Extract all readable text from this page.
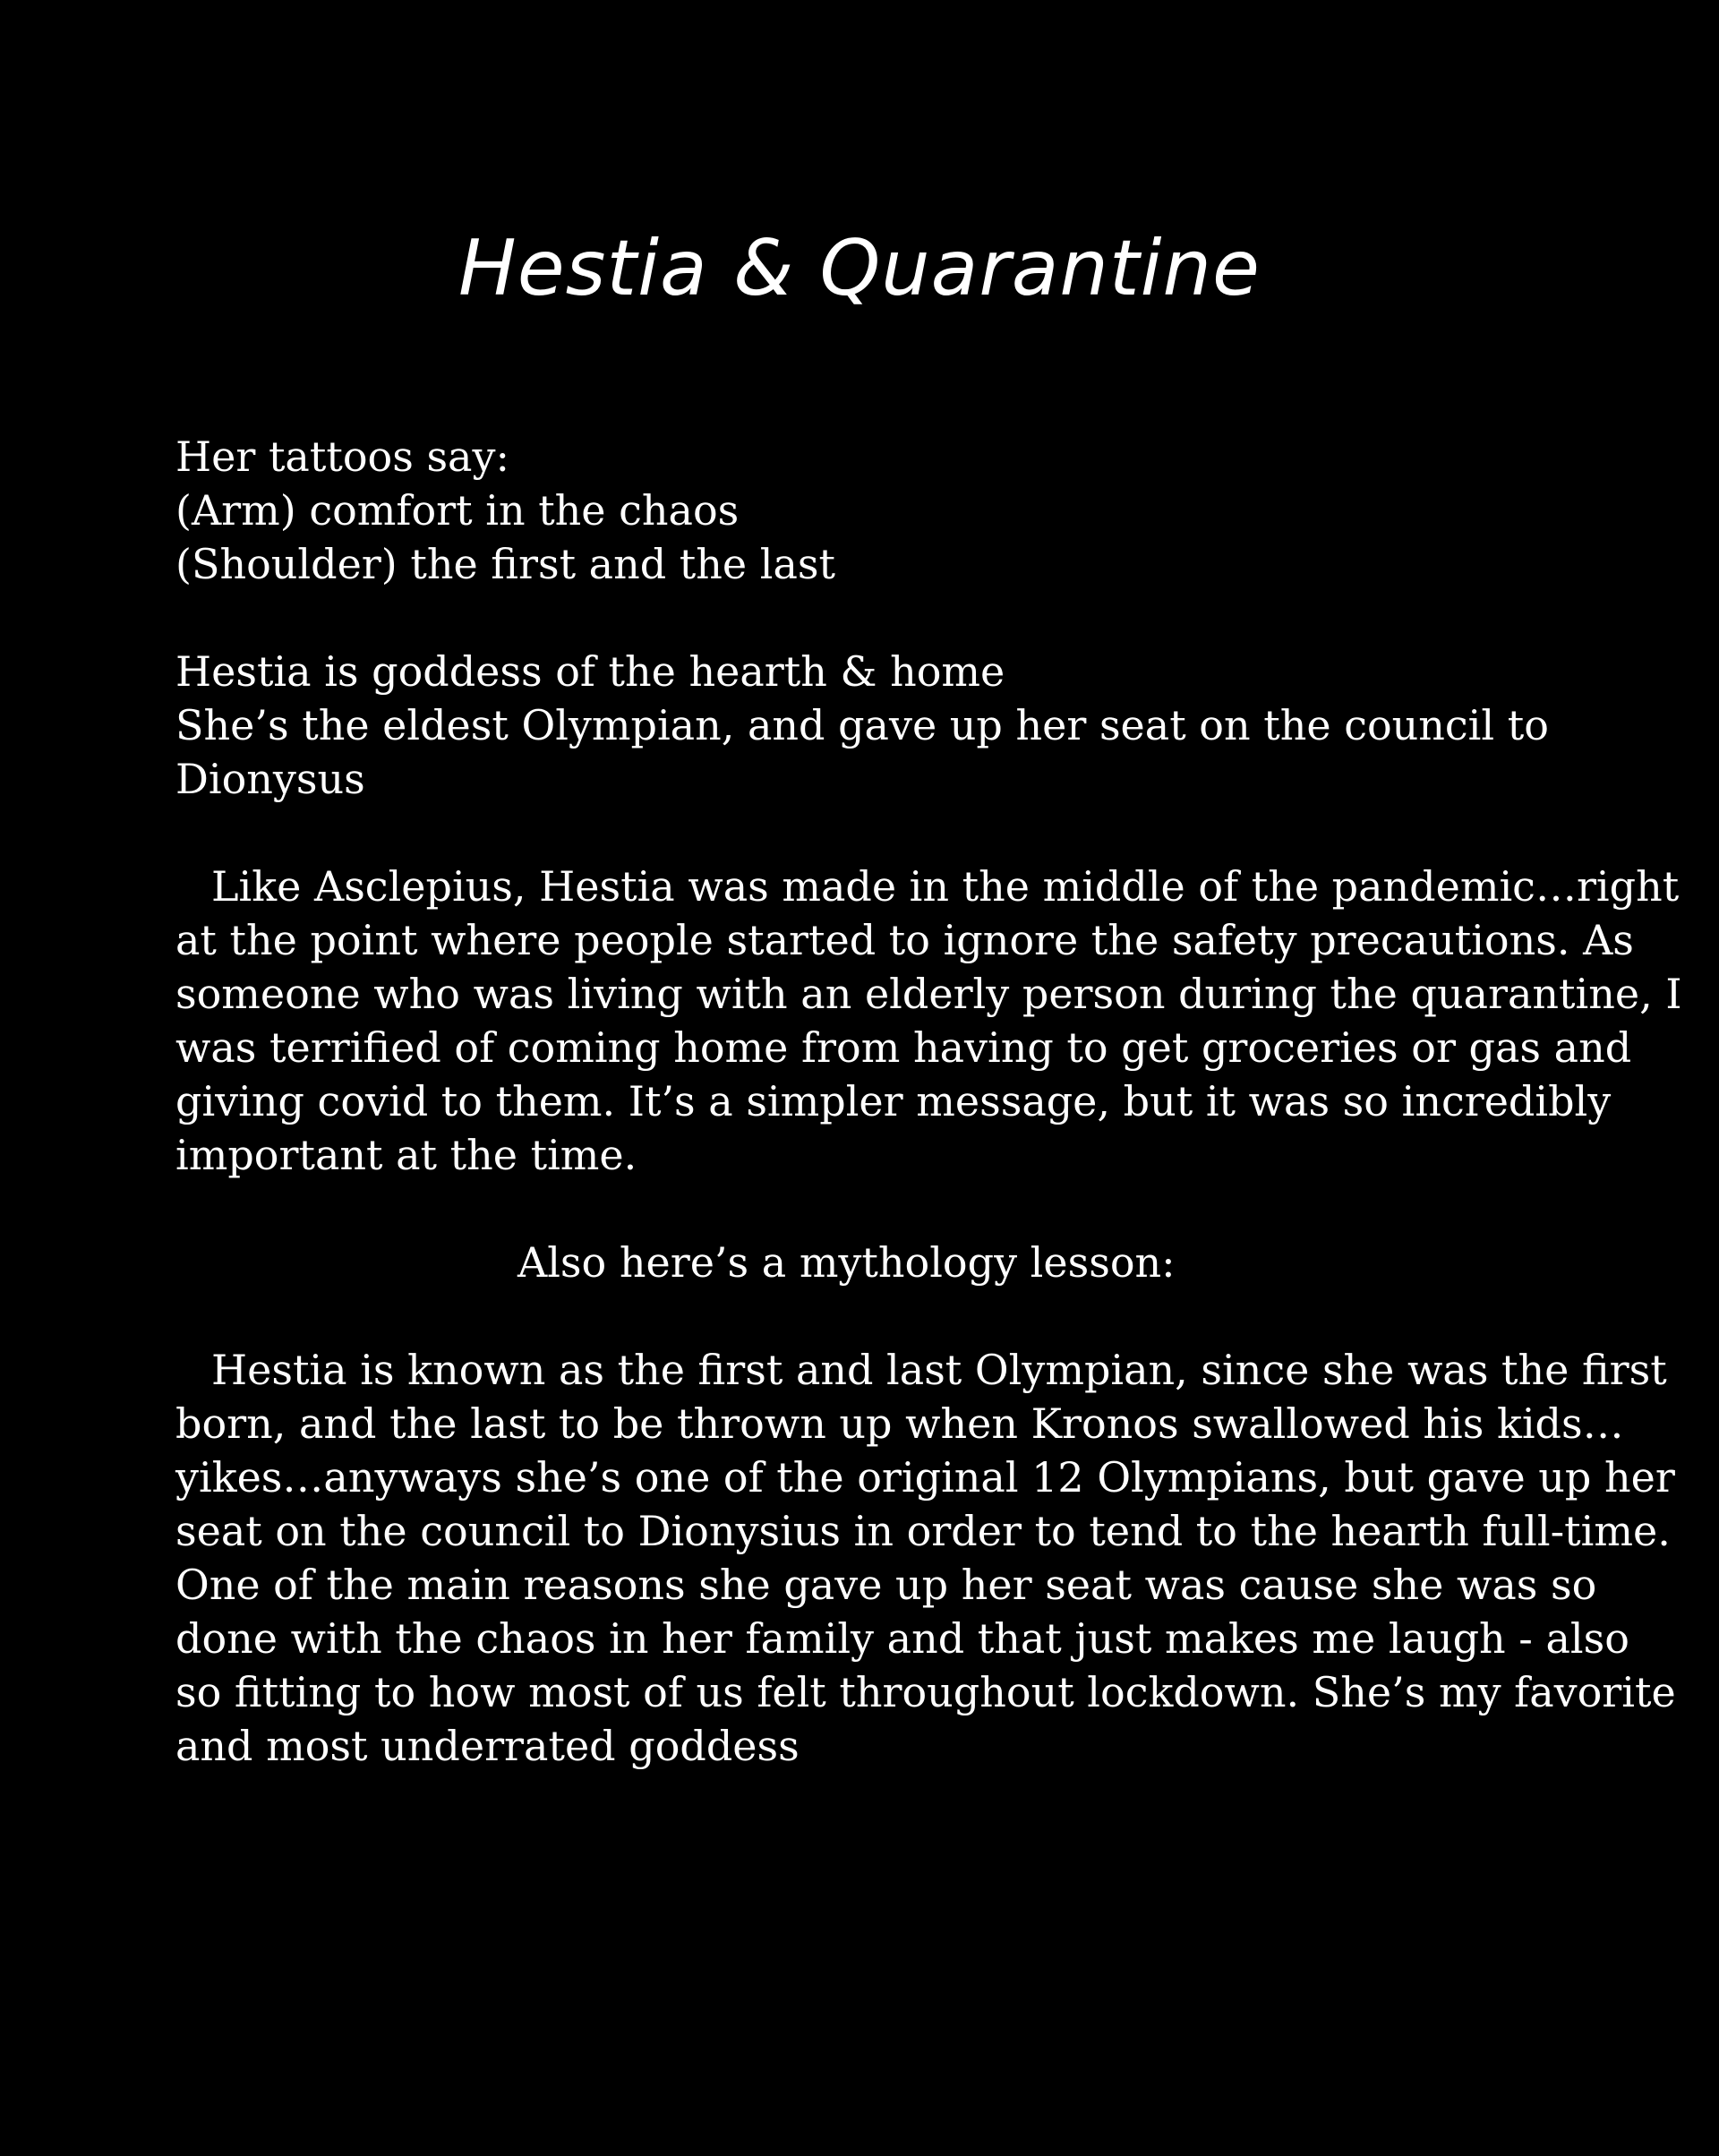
Hestia & Quarantine
Her tattoos say:
(Arm) comfort in the chaos
(Shoulder) the first and the last
Hestia is goddess of the hearth & home
She’s the eldest Olympian, and gave up her seat on the council to
Dionysus
Like Asclepius, Hestia was made in the middle of the pandemic…right
at the point where people started to ignore the safety precautions. As
someone who was living with an elderly person during the quarantine, I
was terrified of coming home from having to get groceries or gas and
giving covid to them. It’s a simpler message, but it was so incredibly
important at the time.
Also here’s a mythology lesson:
Hestia is known as the first and last Olympian, since she was the first
born, and the last to be thrown up when Kronos swallowed his kids…
yikes…anyways she’s one of the original 12 Olympians, but gave up her
seat on the council to Dionysius in order to tend to the hearth full-time.
One of the main reasons she gave up her seat was cause she was so
done with the chaos in her family and that just makes me laugh - also
so fitting to how most of us felt throughout lockdown. She’s my favorite
and most underrated goddess
